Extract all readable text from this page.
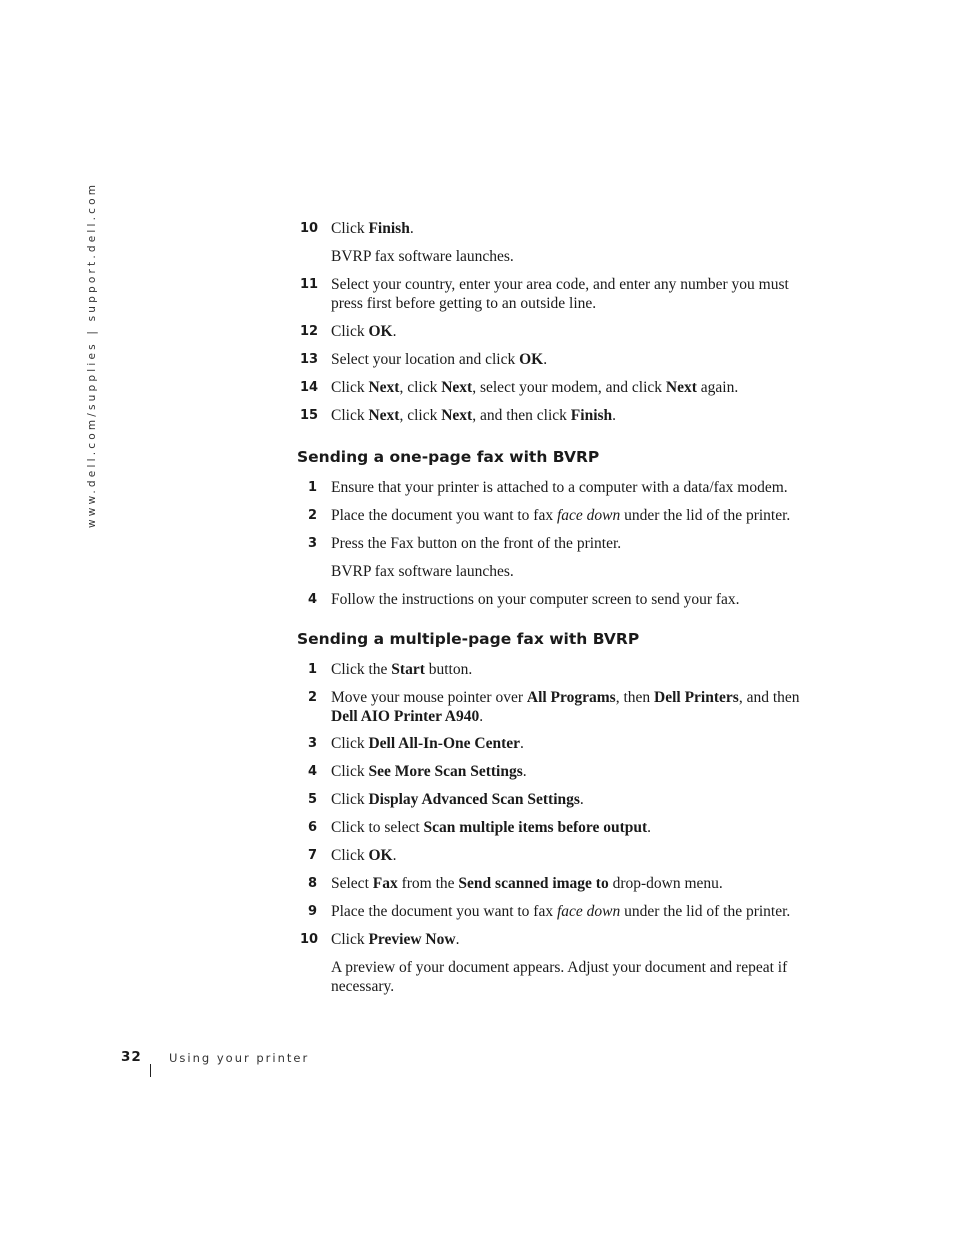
www.dell.com/supplies | support.dell.com	10 Click Finish.
BVRP fax software launches.
11 Select your country, enter your area code, and enter any number you must press first before getting to an outside line.
12 Click OK.
13 Select your location and click OK.
14 Click Next, click Next, select your modem, and click Next again.
15 Click Next, click Next, and then click Finish.
Sending a one-page fax with BVRP
1 Ensure that your printer is attached to a computer with a data/fax modem.
2 Place the document you want to fax face down under the lid of the printer.
3 Press the Fax button on the front of the printer.
BVRP fax software launches.
4 Follow the instructions on your computer screen to send your fax.
Sending a multiple-page fax with BVRP
1 Click the Start button.
2 Move your mouse pointer over All Programs, then Dell Printers, and then Dell AIO Printer A940.
3 Click Dell All-In-One Center.
4 Click See More Scan Settings.
5 Click Display Advanced Scan Settings.
6 Click to select Scan multiple items before output.
7 Click OK.
8 Select Fax from the Send scanned image to drop-down menu.
9 Place the document you want to fax face down under the lid of the printer.
10 Click Preview Now.
A preview of your document appears. Adjust your document and repeat if necessary.
32 Using your printer
